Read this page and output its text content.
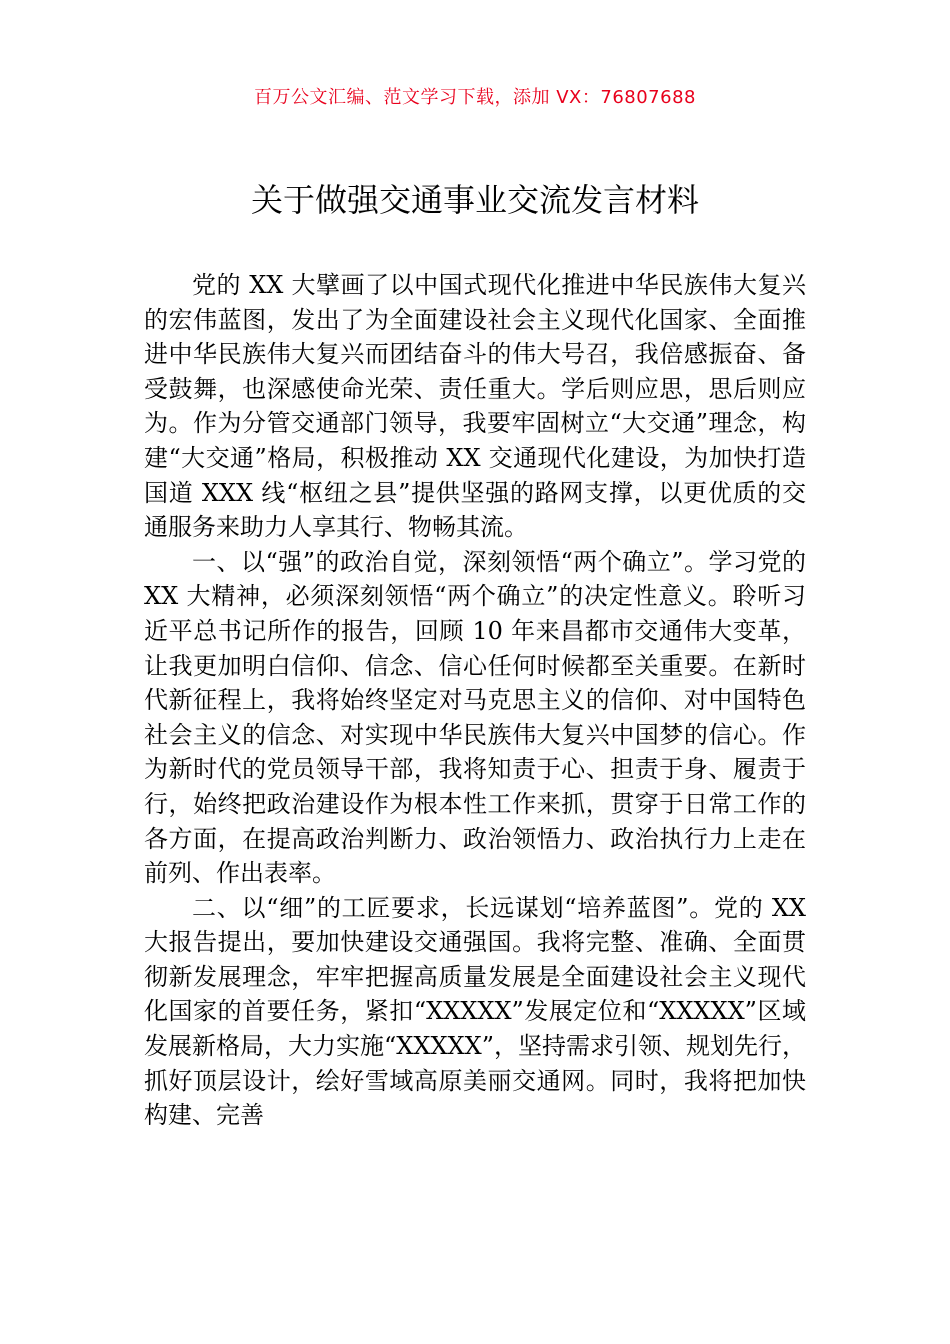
百万公文汇编、范文学习下载，添加 VX：76807688
关于做强交通事业交流发言材料

党的 XX 大擘画了以中国式现代化推进中华民族伟大复兴的宏伟蓝图，发出了为全面建设社会主义现代化国家、全面推进中华民族伟大复兴而团结奋斗的伟大号召，我倍感振奋、备受鼓舞，也深感使命光荣、责任重大。学后则应思，思后则应为。作为分管交通部门领导，我要牢固树立“大交通”理念，构建“大交通”格局，积极推动 XX 交通现代化建设，为加快打造国道 XXX 线“枢纽之县”提供坚强的路网支撑，以更优质的交通服务来助力人享其行、物畅其流。

一、以“强”的政治自觉，深刻领悟“两个确立”。学习党的 XX 大精神，必须深刻领悟“两个确立”的决定性意义。聆听习近平总书记所作的报告，回顾 10 年来昌都市交通伟大变革，让我更加明白信仰、信念、信心任何时候都至关重要。在新时代新征程上，我将始终坚定对马克思主义的信仰、对中国特色社会主义的信念、对实现中华民族伟大复兴中国梦的信心。作为新时代的党员领导干部，我将知责于心、担责于身、履责于行，始终把政治建设作为根本性工作来抓，贯穿于日常工作的各方面，在提高政治判断力、政治领悟力、政治执行力上走在前列、作出表率。

二、以“细”的工匠要求，长远谋划“培养蓝图”。党的 XX 大报告提出，要加快建设交通强国。我将完整、准确、全面贯彻新发展理念，牢牢把握高质量发展是全面建设社会主义现代化国家的首要任务，紧扣“XXXXX”发展定位和“XXXXX”区域发展新格局，大力实施“XXXXX”，坚持需求引领、规划先行，抓好顶层设计，绘好雪域高原美丽交通网。同时，我将把加快构建、完善
